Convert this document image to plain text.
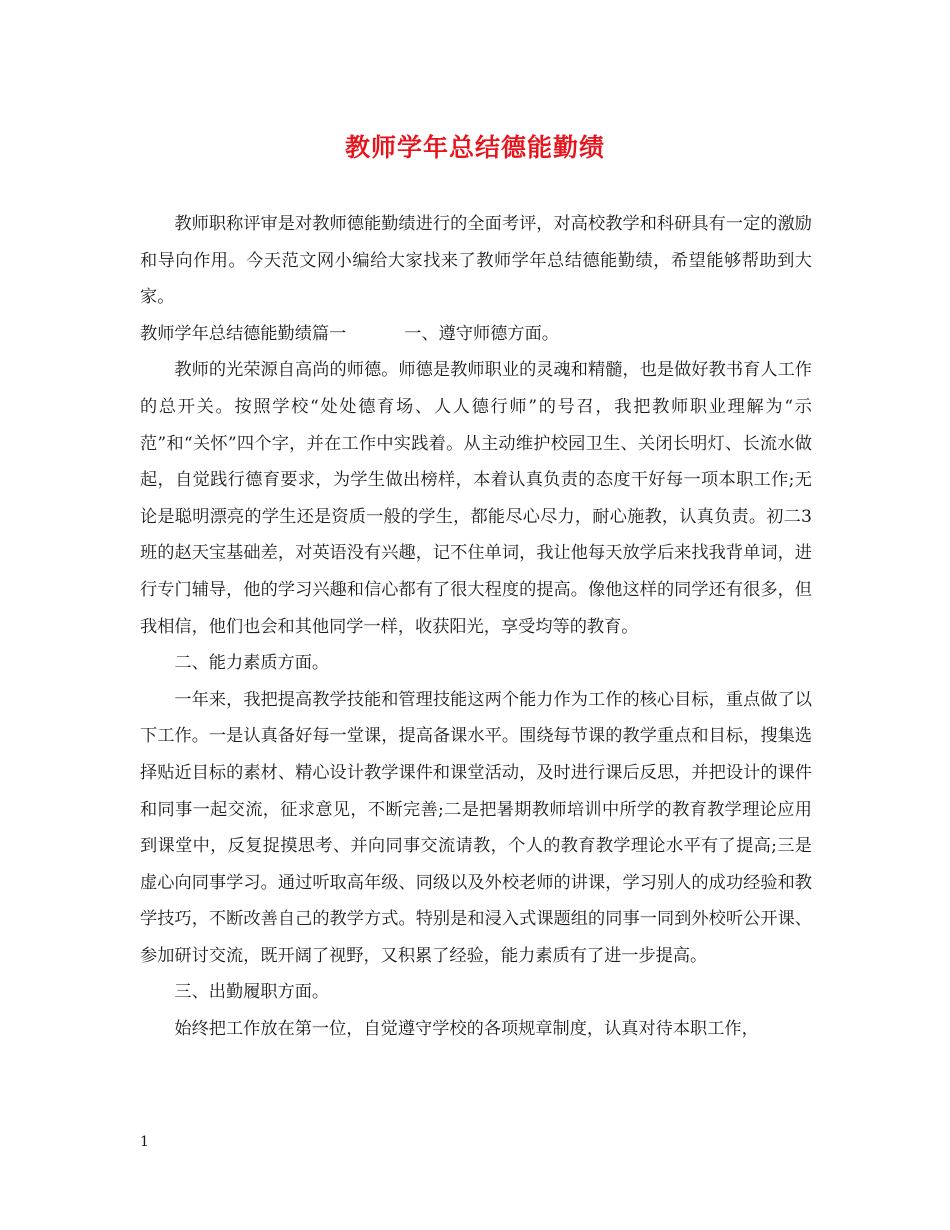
教师学年总结德能勤绩

教师职称评审是对教师德能勤绩进行的全面考评，对高校教学和科研具有一定的激励和导向作用。今天范文网小编给大家找来了教师学年总结德能勤绩，希望能够帮助到大家。

教师学年总结德能勤绩篇一	一、遵守师德方面。

教师的光荣源自高尚的师德。师德是教师职业的灵魂和精髓，也是做好教书育人工作的总开关。按照学校“处处德育场、人人德行师”的号召，我把教师职业理解为“示范”和“关怀”四个字，并在工作中实践着。从主动维护校园卫生、关闭长明灯、长流水做起，自觉践行德育要求，为学生做出榜样，本着认真负责的态度干好每一项本职工作;无论是聪明漂亮的学生还是资质一般的学生，都能尽心尽力，耐心施教，认真负责。初二3班的赵天宝基础差，对英语没有兴趣，记不住单词，我让他每天放学后来找我背单词，进行专门辅导，他的学习兴趣和信心都有了很大程度的提高。像他这样的同学还有很多，但我相信，他们也会和其他同学一样，收获阳光，享受均等的教育。

二、能力素质方面。

一年来，我把提高教学技能和管理技能这两个能力作为工作的核心目标，重点做了以下工作。一是认真备好每一堂课，提高备课水平。围绕每节课的教学重点和目标，搜集选择贴近目标的素材、精心设计教学课件和课堂活动，及时进行课后反思，并把设计的课件和同事一起交流，征求意见，不断完善;二是把暑期教师培训中所学的教育教学理论应用到课堂中，反复捉摸思考、并向同事交流请教，个人的教育教学理论水平有了提高;三是虚心向同事学习。通过听取高年级、同级以及外校老师的讲课，学习别人的成功经验和教学技巧，不断改善自己的教学方式。特别是和浸入式课题组的同事一同到外校听公开课、参加研讨交流，既开阔了视野，又积累了经验，能力素质有了进一步提高。

三、出勤履职方面。

始终把工作放在第一位，自觉遵守学校的各项规章制度，认真对待本职工作，

1
